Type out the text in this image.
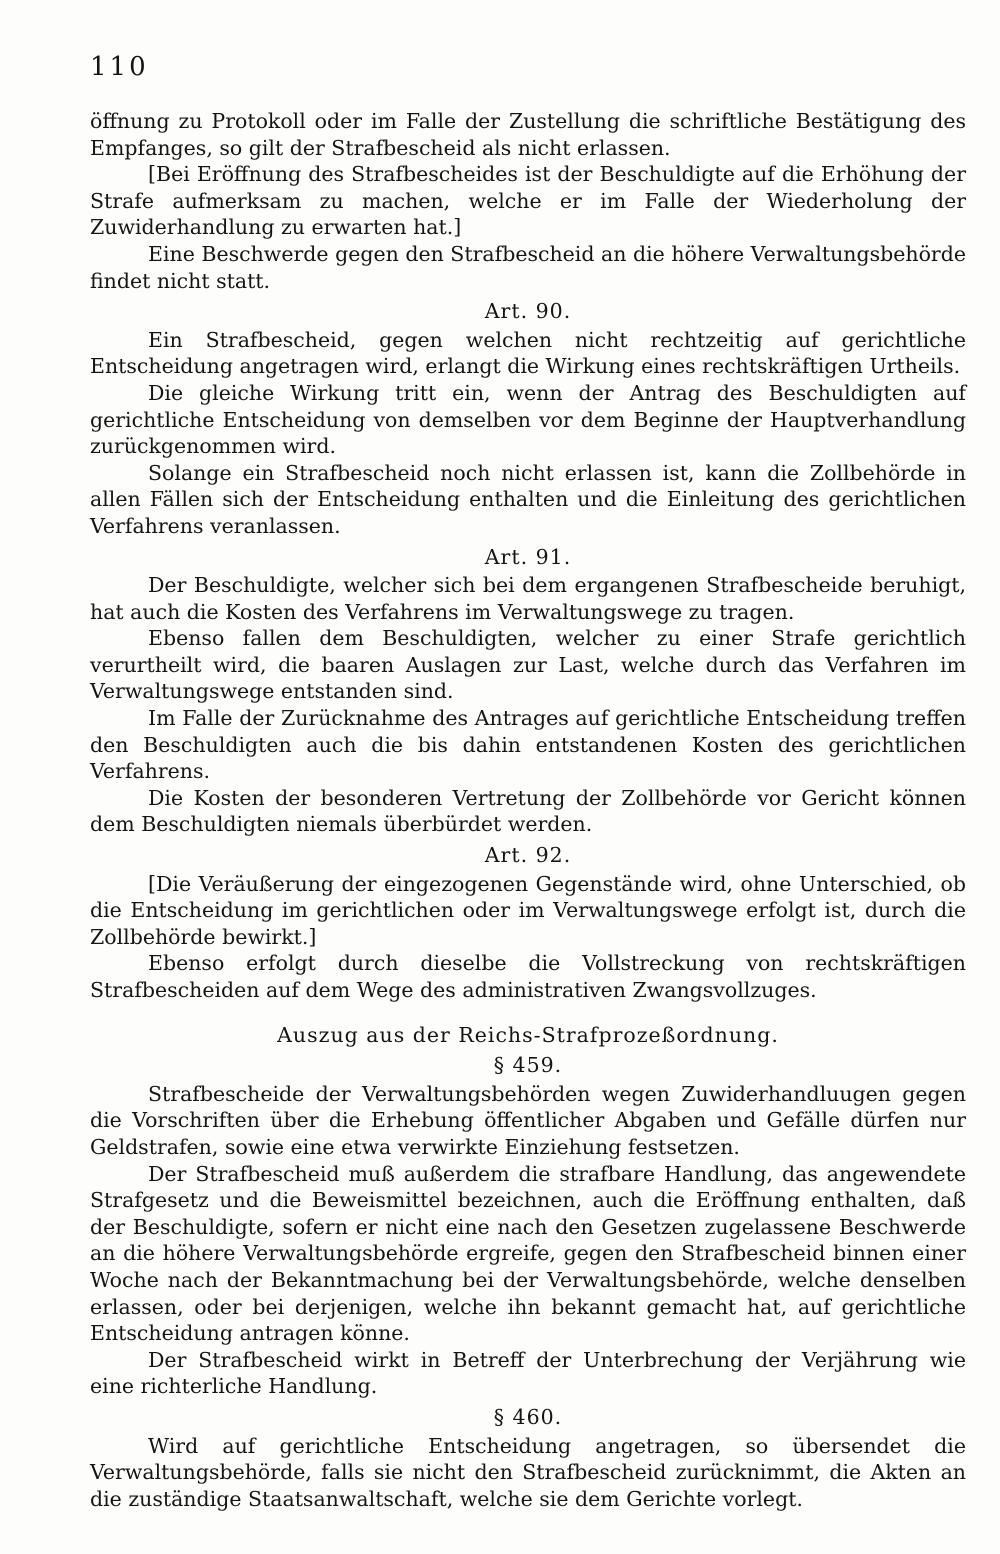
110

öffnung zu Protokoll oder im Falle der Zustellung die schriftliche Bestätigung des Empfanges, so gilt der Strafbescheid als nicht erlassen.

[Bei Eröffnung des Strafbescheides ist der Beschuldigte auf die Erhöhung der Strafe aufmerksam zu machen, welche er im Falle der Wiederholung der Zuwiderhandlung zu erwarten hat.]

Eine Beschwerde gegen den Strafbescheid an die höhere Verwaltungsbehörde findet nicht statt.

Art. 90.

Ein Strafbescheid, gegen welchen nicht rechtzeitig auf gerichtliche Entscheidung angetragen wird, erlangt die Wirkung eines rechtskräftigen Urtheils.

Die gleiche Wirkung tritt ein, wenn der Antrag des Beschuldigten auf gerichtliche Entscheidung von demselben vor dem Beginne der Hauptverhandlung zurückgenommen wird.

Solange ein Strafbescheid noch nicht erlassen ist, kann die Zollbehörde in allen Fällen sich der Entscheidung enthalten und die Einleitung des gerichtlichen Verfahrens veranlassen.

Art. 91.

Der Beschuldigte, welcher sich bei dem ergangenen Strafbescheide beruhigt, hat auch die Kosten des Verfahrens im Verwaltungswege zu tragen.

Ebenso fallen dem Beschuldigten, welcher zu einer Strafe gerichtlich verurtheilt wird, die baaren Auslagen zur Last, welche durch das Verfahren im Verwaltungswege entstanden sind.

Im Falle der Zurücknahme des Antrages auf gerichtliche Entscheidung treffen den Beschuldigten auch die bis dahin entstandenen Kosten des gerichtlichen Verfahrens.

Die Kosten der besonderen Vertretung der Zollbehörde vor Gericht können dem Beschuldigten niemals überbürdet werden.

Art. 92.

[Die Veräußerung der eingezogenen Gegenstände wird, ohne Unterschied, ob die Entscheidung im gerichtlichen oder im Verwaltungswege erfolgt ist, durch die Zollbehörde bewirkt.]

Ebenso erfolgt durch dieselbe die Vollstreckung von rechtskräftigen Strafbescheiden auf dem Wege des administrativen Zwangsvollzuges.

Auszug aus der Reichs-Strafprozeßordnung.
§ 459.

Strafbescheide der Verwaltungsbehörden wegen Zuwiderhandluugen gegen die Vorschriften über die Erhebung öffentlicher Abgaben und Gefälle dürfen nur Geldstrafen, sowie eine etwa verwirkte Einziehung festsetzen.

Der Strafbescheid muß außerdem die strafbare Handlung, das angewendete Strafgesetz und die Beweismittel bezeichnen, auch die Eröffnung enthalten, daß der Beschuldigte, sofern er nicht eine nach den Gesetzen zugelassene Beschwerde an die höhere Verwaltungsbehörde ergreife, gegen den Strafbescheid binnen einer Woche nach der Bekanntmachung bei der Verwaltungsbehörde, welche denselben erlassen, oder bei derjenigen, welche ihn bekannt gemacht hat, auf gerichtliche Entscheidung antragen könne.

Der Strafbescheid wirkt in Betreff der Unterbrechung der Verjährung wie eine richterliche Handlung.

§ 460.

Wird auf gerichtliche Entscheidung angetragen, so übersendet die Verwaltungsbehörde, falls sie nicht den Strafbescheid zurücknimmt, die Akten an die zuständige Staatsanwaltschaft, welche sie dem Gerichte vorlegt.
